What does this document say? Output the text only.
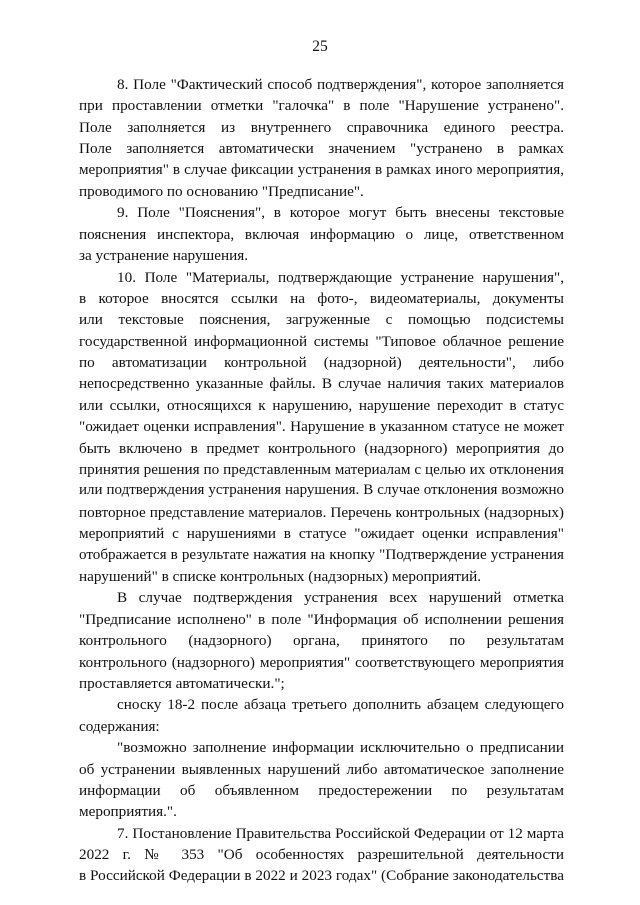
25
8. Поле "Фактический способ подтверждения", которое заполняется
при проставлении отметки "галочка" в поле "Нарушение устранено".
Поле заполняется из внутреннего справочника единого реестра.
Поле заполняется автоматически значением "устранено в рамках
мероприятия" в случае фиксации устранения в рамках иного мероприятия,
проводимого по основанию "Предписание".
9. Поле "Пояснения", в которое могут быть внесены текстовые
пояснения инспектора, включая информацию о лице, ответственном
за устранение нарушения.
10. Поле "Материалы, подтверждающие устранение нарушения",
в которое вносятся ссылки на фото-, видеоматериалы, документы
или текстовые пояснения, загруженные с помощью подсистемы
государственной информационной системы "Типовое облачное решение
по автоматизации контрольной (надзорной) деятельности", либо
непосредственно указанные файлы. В случае наличия таких материалов
или ссылки, относящихся к нарушению, нарушение переходит в статус
"ожидает оценки исправления". Нарушение в указанном статусе не может
быть включено в предмет контрольного (надзорного) мероприятия до
принятия решения по представленным материалам с целью их отклонения
или подтверждения устранения нарушения. В случае отклонения возможно
повторное представление материалов. Перечень контрольных (надзорных)
мероприятий с нарушениями в статусе "ожидает оценки исправления"
отображается в результате нажатия на кнопку "Подтверждение устранения
нарушений" в списке контрольных (надзорных) мероприятий.
В случае подтверждения устранения всех нарушений отметка
"Предписание исполнено" в поле "Информация об исполнении решения
контрольного (надзорного) органа, принятого по результатам
контрольного (надзорного) мероприятия" соответствующего мероприятия
проставляется автоматически.";
сноску 18-2 после абзаца третьего дополнить абзацем следующего
содержания:
"возможно заполнение информации исключительно о предписании
об устранении выявленных нарушений либо автоматическое заполнение
информации об объявленном предостережении по результатам
мероприятия.".
7. Постановление Правительства Российской Федерации от 12 марта
2022 г. № 353 "Об особенностях разрешительной деятельности
в Российской Федерации в 2022 и 2023 годах" (Собрание законодательства
